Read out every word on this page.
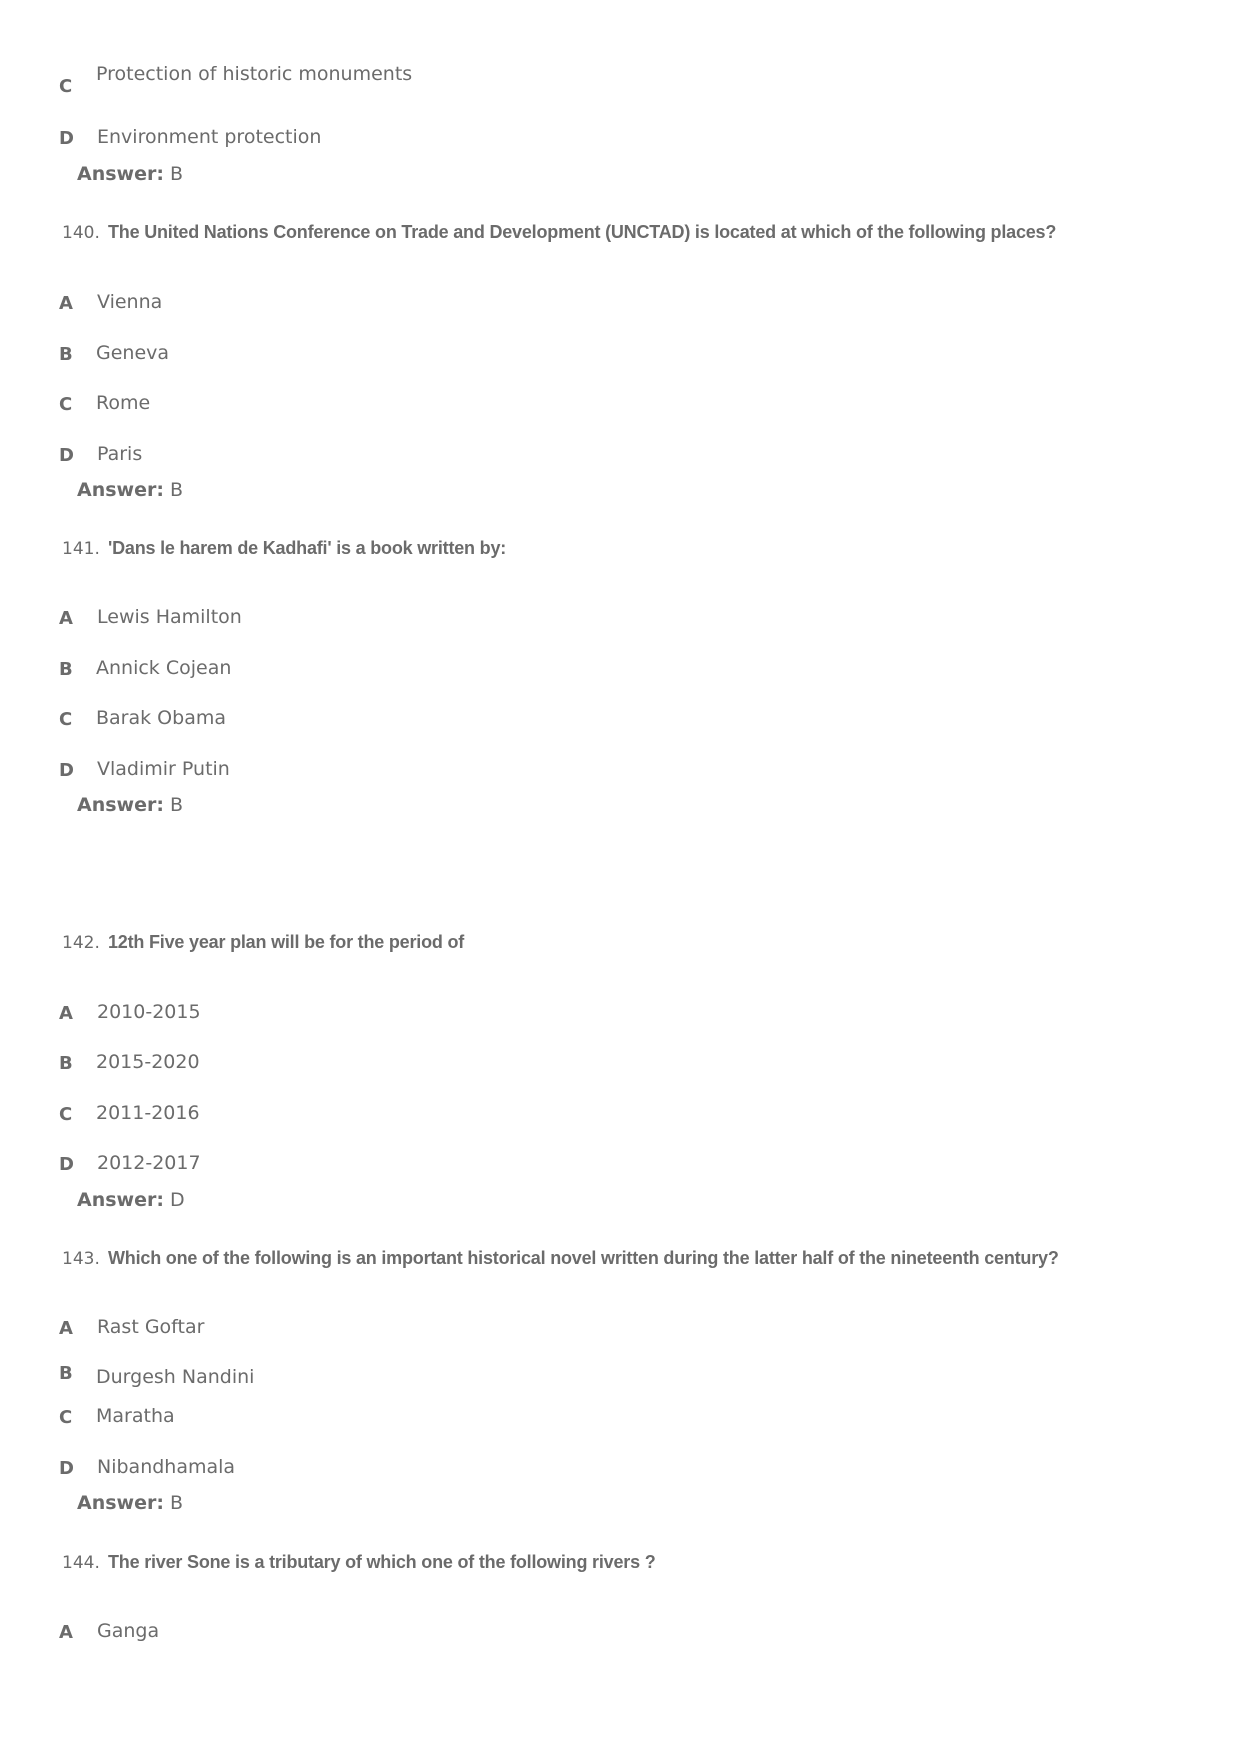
C
Protection of historic monuments
D Environment protection
Answer: B
140. The United Nations Conference on Trade and Development (UNCTAD) is located at which of the following places?
A	Vienna
B	Geneva
C	Rome
D Paris
Answer: B
141. 'Dans le harem de Kadhafi' is a book written by:
A	Lewis Hamilton
B	Annick Cojean
C	Barak Obama
D Vladimir Putin
Answer: B
142. 12th Five year plan will be for the period of
A	2010-2015
B	2015-2020
C	2011-2016
D 2012-2017
Answer: D
143. Which one of the following is an important historical novel written during the latter half of the nineteenth century?
A	Rast Goftar
B	Durgesh Nandini
C	Maratha
D Nibandhamala
Answer: B
144. The river Sone is a tributary of which one of the following rivers ?
A	Ganga
